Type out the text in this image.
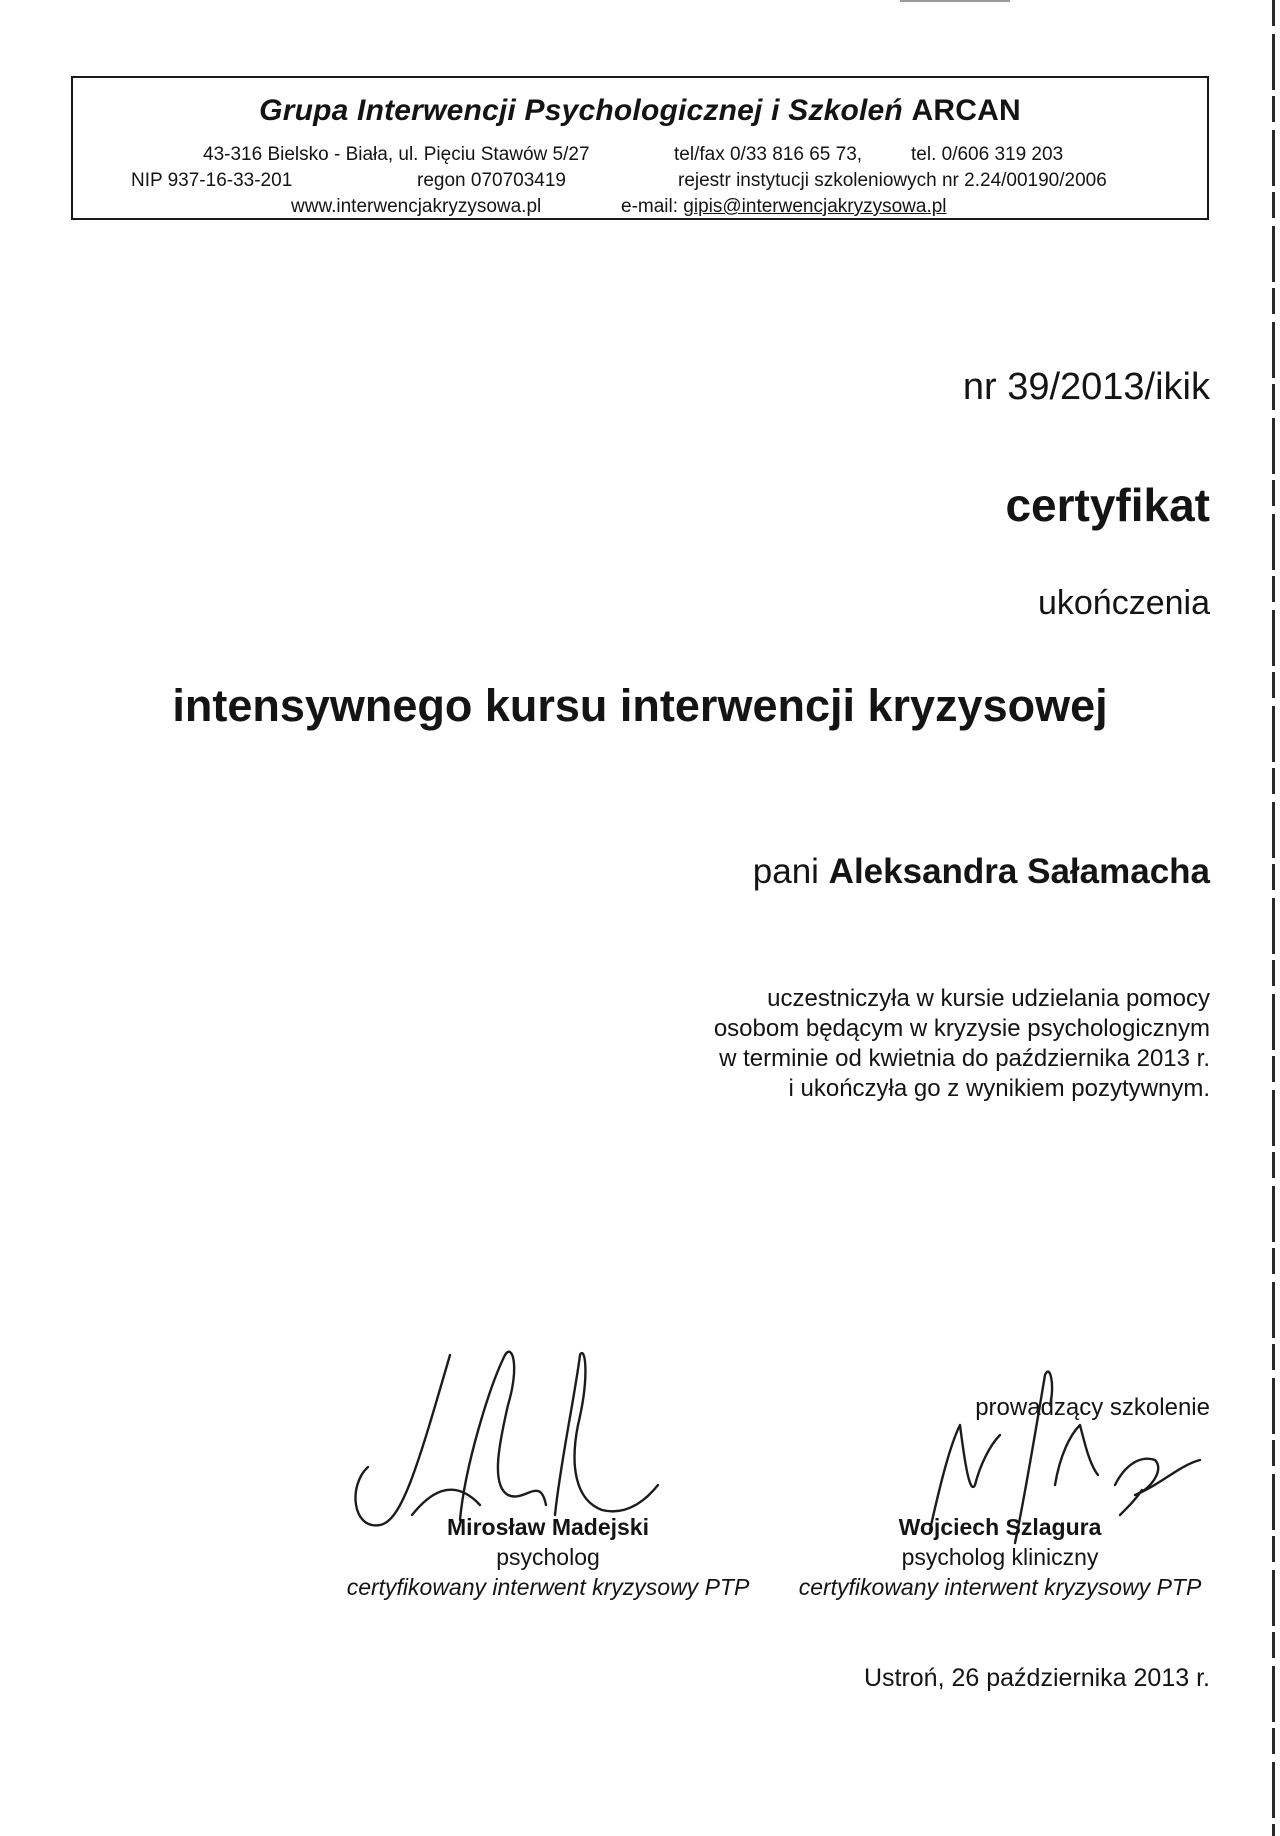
Grupa Interwencji Psychologicznej i Szkoleń ARCAN
43-316 Bielsko - Biała, ul. Pięciu Stawów 5/27	tel/fax 0/33 816 65 73,	tel. 0/606 319 203
NIP 937-16-33-201	regon 070703419	rejestr instytucji szkoleniowych nr 2.24/00190/2006
www.interwencjakryzysowa.pl	e-mail: gipis@interwencjakryzysowa.pl
nr 39/2013/ikik
certyfikat
ukończenia
intensywnego kursu interwencji kryzysowej
pani Aleksandra Sałamacha
uczestniczyła w kursie udzielania pomocy
osobom będącym w kryzysie psychologicznym
w terminie od kwietnia do października 2013 r.
i ukończyła go z wynikiem pozytywnym.
prowadzący szkolenie
Mirosław Madejski
psycholog
certyfikowany interwent kryzysowy PTP
Wojciech Szlagura
psycholog kliniczny
certyfikowany interwent kryzysowy PTP
Ustroń, 26 października 2013 r.
